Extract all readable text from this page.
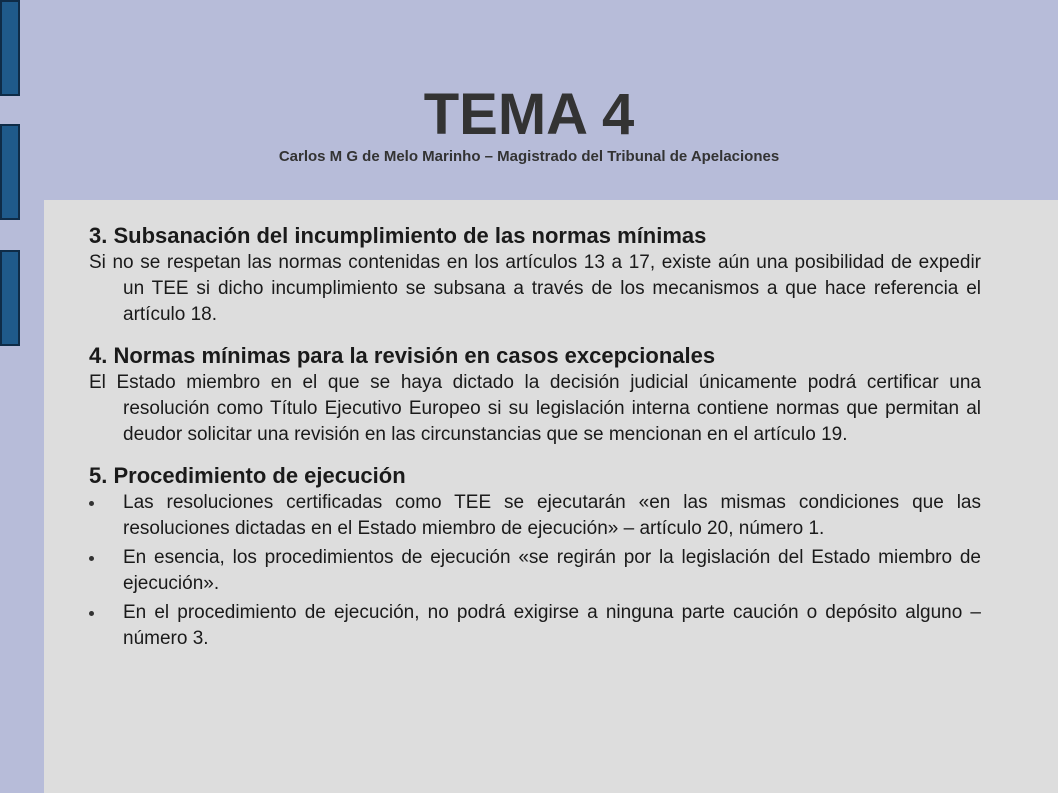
TEMA 4
Carlos M G de Melo Marinho – Magistrado del Tribunal de Apelaciones

3. Subsanación del incumplimiento de las normas mínimas

Si no se respetan las normas contenidas en los artículos 13 a 17, existe aún una posibilidad de expedir un TEE si dicho incumplimiento se subsana a través de los mecanismos a que hace referencia el artículo 18.

4. Normas mínimas para la revisión en casos excepcionales

El Estado miembro en el que se haya dictado la decisión judicial únicamente podrá certificar una resolución como Título Ejecutivo Europeo si su legislación interna contiene normas que permitan al deudor solicitar una revisión en las circunstancias que se mencionan en el artículo 19.

5. Procedimiento de ejecución

Las resoluciones certificadas como TEE se ejecutarán «en las mismas condiciones que las resoluciones dictadas en el Estado miembro de ejecución» – artículo 20, número 1.
En esencia, los procedimientos de ejecución «se regirán por la legislación del Estado miembro de ejecución».
En el procedimiento de ejecución, no podrá exigirse a ninguna parte caución o depósito alguno – número 3.
